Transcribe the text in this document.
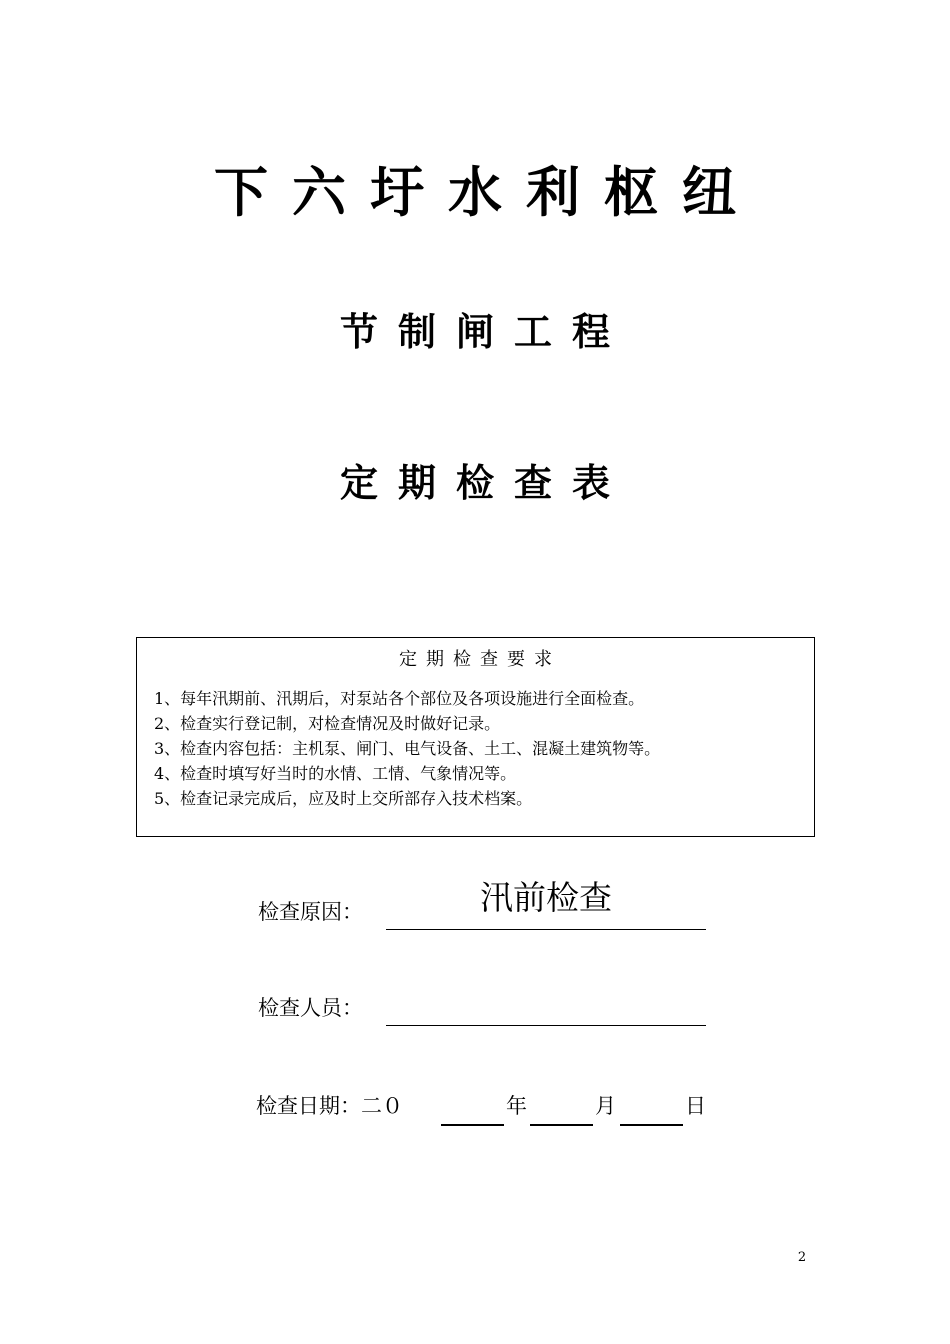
下六圩水利枢纽
节制闸工程
定期检查表
定期检查要求
1、每年汛期前、汛期后，对泵站各个部位及各项设施进行全面检查。
2、检查实行登记制，对检查情况及时做好记录。
3、检查内容包括：主机泵、闸门、电气设备、土工、混凝土建筑物等。
4、检查时填写好当时的水情、工情、气象情况等。
5、检查记录完成后，应及时上交所部存入技术档案。
检查原因：	汛前检查
检查人员：
检查日期：二０	年	月	日
2
